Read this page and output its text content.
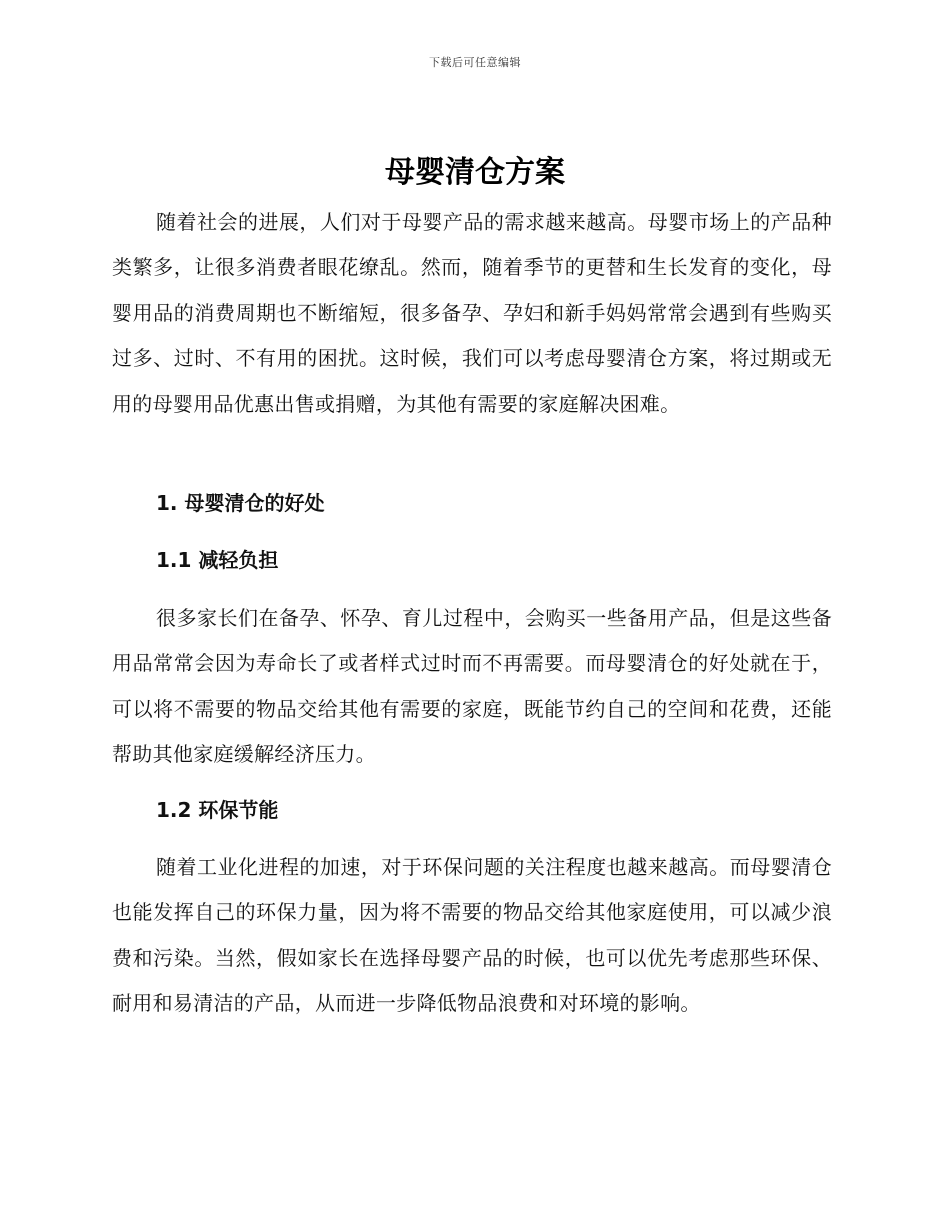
下载后可任意编辑
母婴清仓方案

随着社会的进展，人们对于母婴产品的需求越来越高。母婴市场上的产品种类繁多，让很多消费者眼花缭乱。然而，随着季节的更替和生长发育的变化，母婴用品的消费周期也不断缩短，很多备孕、孕妇和新手妈妈常常会遇到有些购买过多、过时、不有用的困扰。这时候，我们可以考虑母婴清仓方案，将过期或无用的母婴用品优惠出售或捐赠，为其他有需要的家庭解决困难。

1. 母婴清仓的好处
1.1 减轻负担

很多家长们在备孕、怀孕、育儿过程中，会购买一些备用产品，但是这些备用品常常会因为寿命长了或者样式过时而不再需要。而母婴清仓的好处就在于，可以将不需要的物品交给其他有需要的家庭，既能节约自己的空间和花费，还能帮助其他家庭缓解经济压力。

1.2 环保节能

随着工业化进程的加速，对于环保问题的关注程度也越来越高。而母婴清仓也能发挥自己的环保力量，因为将不需要的物品交给其他家庭使用，可以减少浪费和污染。当然，假如家长在选择母婴产品的时候，也可以优先考虑那些环保、耐用和易清洁的产品，从而进一步降低物品浪费和对环境的影响。
